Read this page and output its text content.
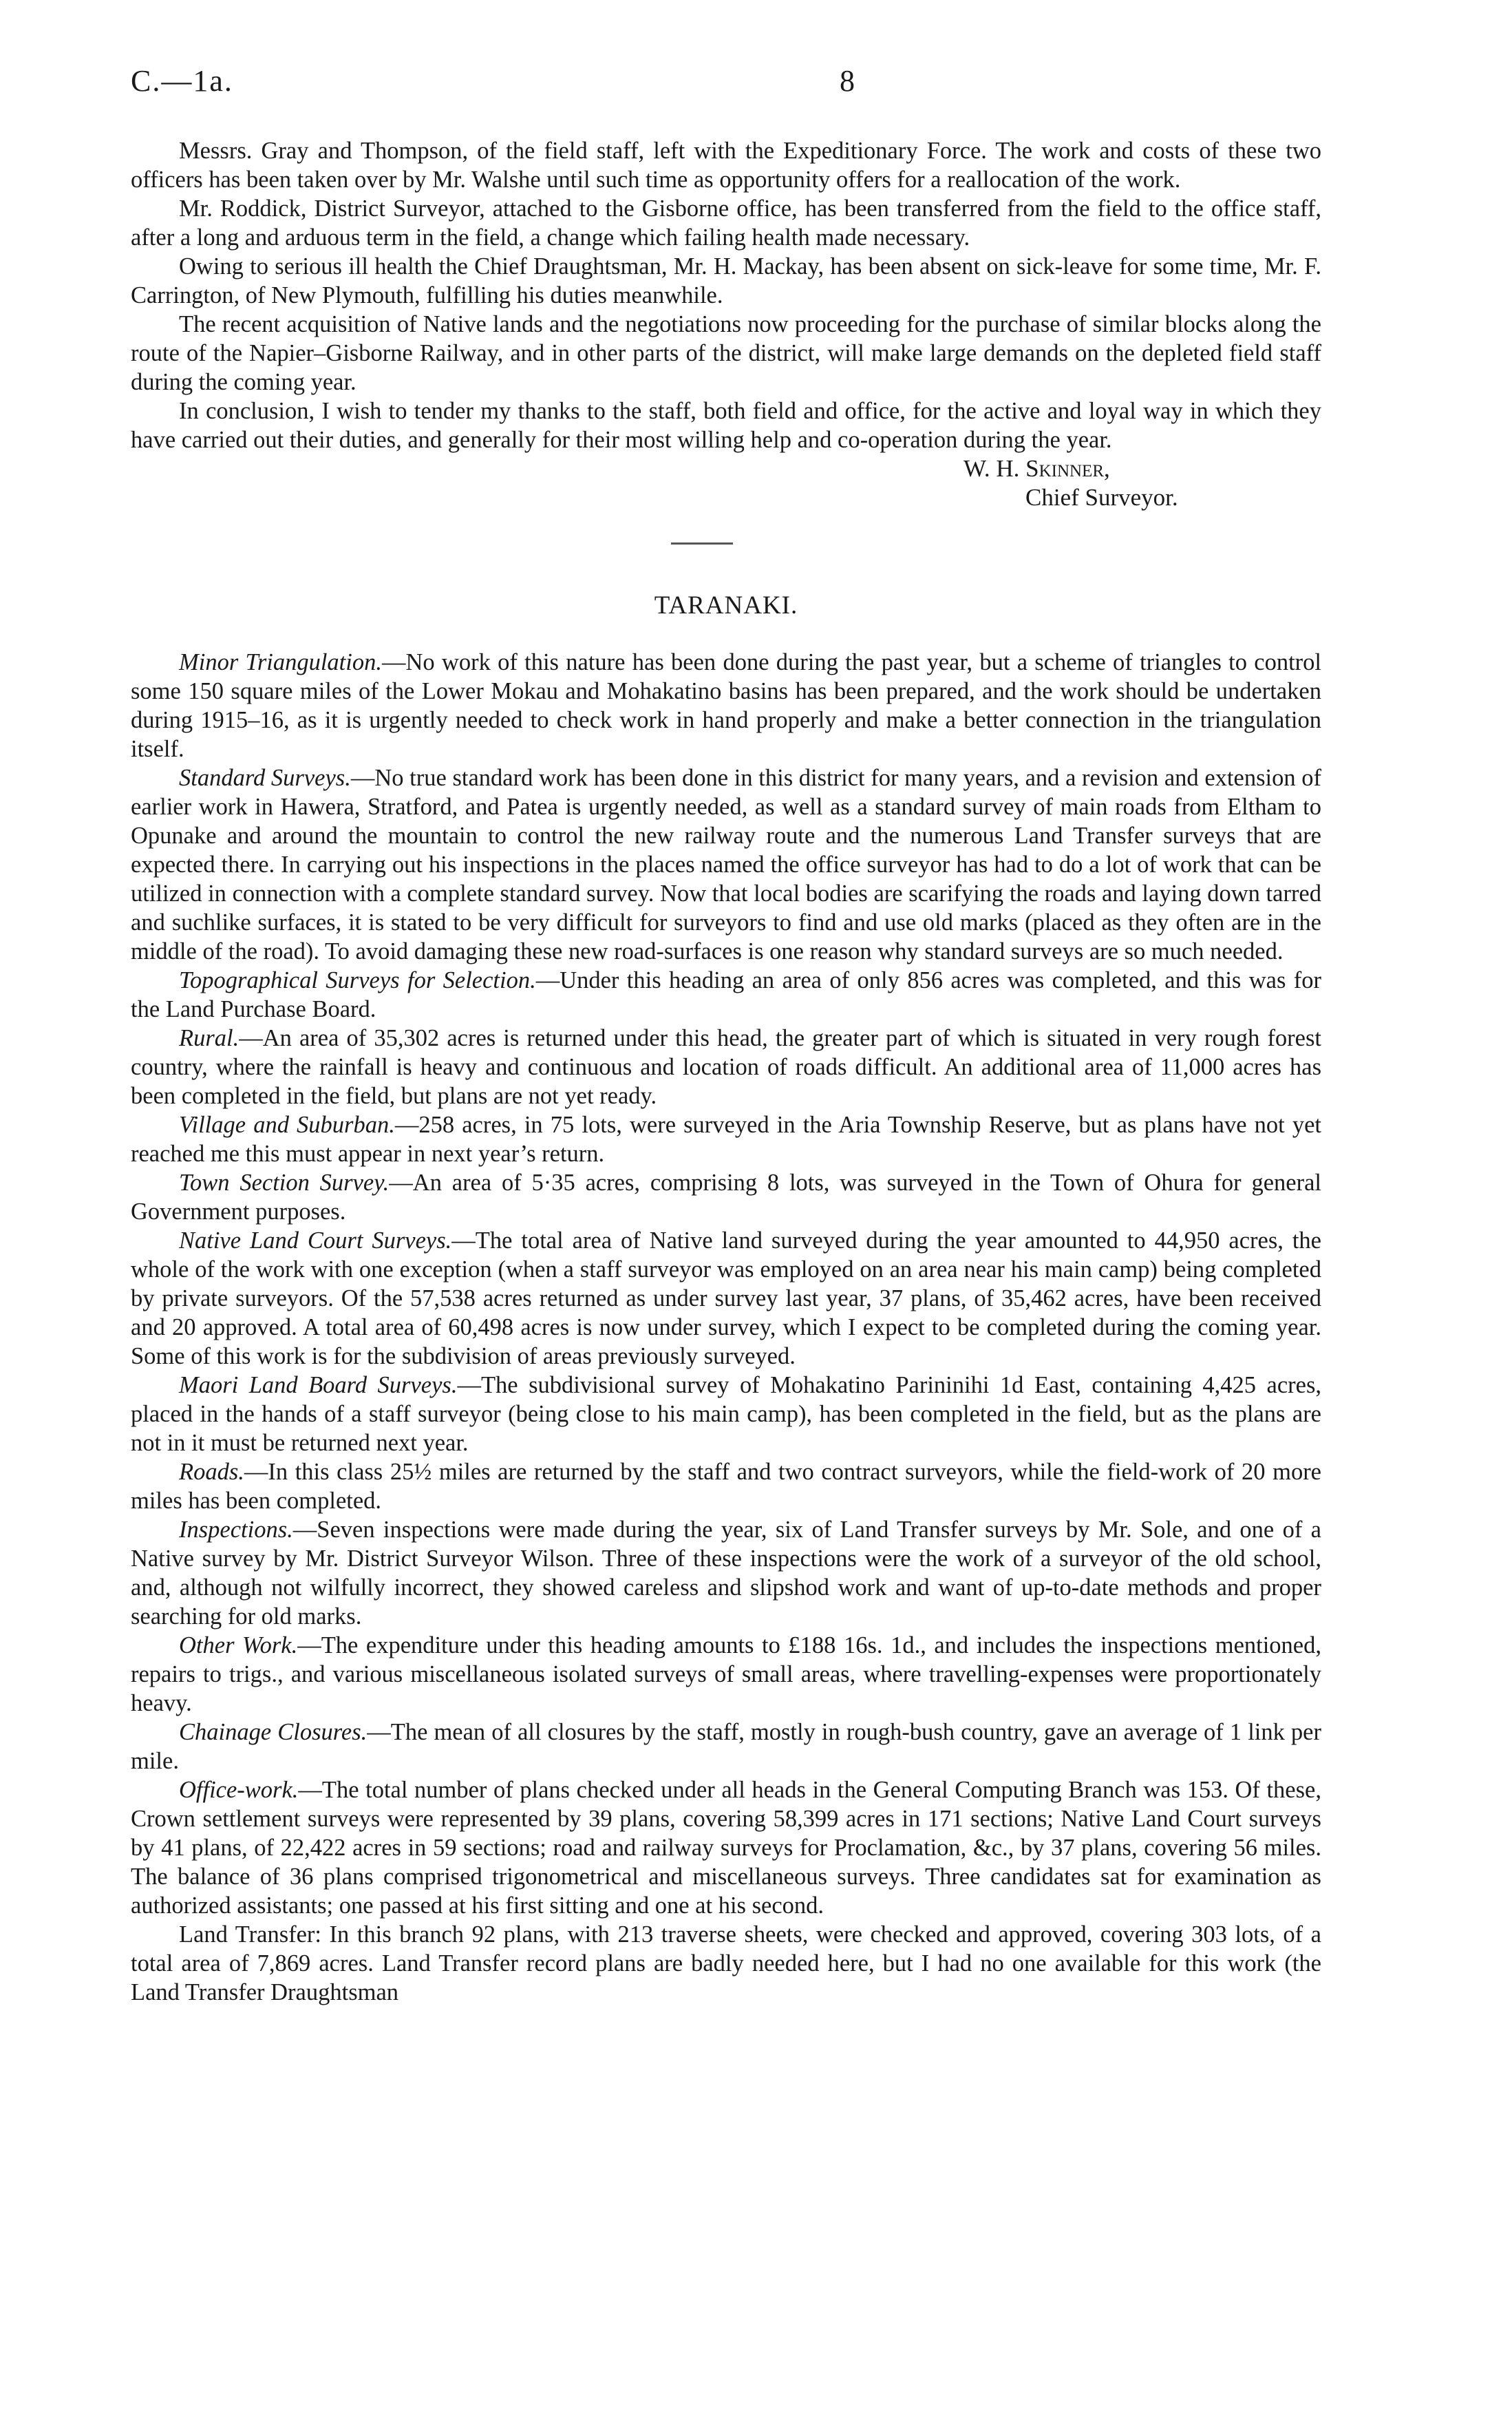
C.—1a.	8

Messrs. Gray and Thompson, of the field staff, left with the Expeditionary Force. The work and costs of these two officers has been taken over by Mr. Walshe until such time as opportunity offers for a reallocation of the work.

Mr. Roddick, District Surveyor, attached to the Gisborne office, has been transferred from the field to the office staff, after a long and arduous term in the field, a change which failing health made necessary.

Owing to serious ill health the Chief Draughtsman, Mr. H. Mackay, has been absent on sick-leave for some time, Mr. F. Carrington, of New Plymouth, fulfilling his duties meanwhile.

The recent acquisition of Native lands and the negotiations now proceeding for the purchase of similar blocks along the route of the Napier–Gisborne Railway, and in other parts of the district, will make large demands on the depleted field staff during the coming year.

In conclusion, I wish to tender my thanks to the staff, both field and office, for the active and loyal way in which they have carried out their duties, and generally for their most willing help and co-operation during the year.

W. H. Skinner,
Chief Surveyor.
TARANAKI.

Minor Triangulation.—No work of this nature has been done during the past year, but a scheme of triangles to control some 150 square miles of the Lower Mokau and Mohakatino basins has been prepared, and the work should be undertaken during 1915–16, as it is urgently needed to check work in hand properly and make a better connection in the triangulation itself.

Standard Surveys.—No true standard work has been done in this district for many years, and a revision and extension of earlier work in Hawera, Stratford, and Patea is urgently needed, as well as a standard survey of main roads from Eltham to Opunake and around the mountain to control the new railway route and the numerous Land Transfer surveys that are expected there. In carrying out his inspections in the places named the office surveyor has had to do a lot of work that can be utilized in connection with a complete standard survey. Now that local bodies are scarifying the roads and laying down tarred and suchlike surfaces, it is stated to be very difficult for surveyors to find and use old marks (placed as they often are in the middle of the road). To avoid damaging these new road-surfaces is one reason why standard surveys are so much needed.

Topographical Surveys for Selection.—Under this heading an area of only 856 acres was completed, and this was for the Land Purchase Board.

Rural.—An area of 35,302 acres is returned under this head, the greater part of which is situated in very rough forest country, where the rainfall is heavy and continuous and location of roads difficult. An additional area of 11,000 acres has been completed in the field, but plans are not yet ready.

Village and Suburban.—258 acres, in 75 lots, were surveyed in the Aria Township Reserve, but as plans have not yet reached me this must appear in next year’s return.

Town Section Survey.—An area of 5·35 acres, comprising 8 lots, was surveyed in the Town of Ohura for general Government purposes.

Native Land Court Surveys.—The total area of Native land surveyed during the year amounted to 44,950 acres, the whole of the work with one exception (when a staff surveyor was employed on an area near his main camp) being completed by private surveyors. Of the 57,538 acres returned as under survey last year, 37 plans, of 35,462 acres, have been received and 20 approved. A total area of 60,498 acres is now under survey, which I expect to be completed during the coming year. Some of this work is for the subdivision of areas previously surveyed.

Maori Land Board Surveys.—The subdivisional survey of Mohakatino Parininihi 1d East, containing 4,425 acres, placed in the hands of a staff surveyor (being close to his main camp), has been completed in the field, but as the plans are not in it must be returned next year.

Roads.—In this class 25½ miles are returned by the staff and two contract surveyors, while the field-work of 20 more miles has been completed.

Inspections.—Seven inspections were made during the year, six of Land Transfer surveys by Mr. Sole, and one of a Native survey by Mr. District Surveyor Wilson. Three of these inspections were the work of a surveyor of the old school, and, although not wilfully incorrect, they showed careless and slipshod work and want of up-to-date methods and proper searching for old marks.

Other Work.—The expenditure under this heading amounts to £188 16s. 1d., and includes the inspections mentioned, repairs to trigs., and various miscellaneous isolated surveys of small areas, where travelling-expenses were proportionately heavy.

Chainage Closures.—The mean of all closures by the staff, mostly in rough-bush country, gave an average of 1 link per mile.

Office-work.—The total number of plans checked under all heads in the General Computing Branch was 153. Of these, Crown settlement surveys were represented by 39 plans, covering 58,399 acres in 171 sections; Native Land Court surveys by 41 plans, of 22,422 acres in 59 sections; road and railway surveys for Proclamation, &c., by 37 plans, covering 56 miles. The balance of 36 plans comprised trigonometrical and miscellaneous surveys. Three candidates sat for examination as authorized assistants; one passed at his first sitting and one at his second.

Land Transfer: In this branch 92 plans, with 213 traverse sheets, were checked and approved, covering 303 lots, of a total area of 7,869 acres. Land Transfer record plans are badly needed here, but I had no one available for this work (the Land Transfer Draughtsman
